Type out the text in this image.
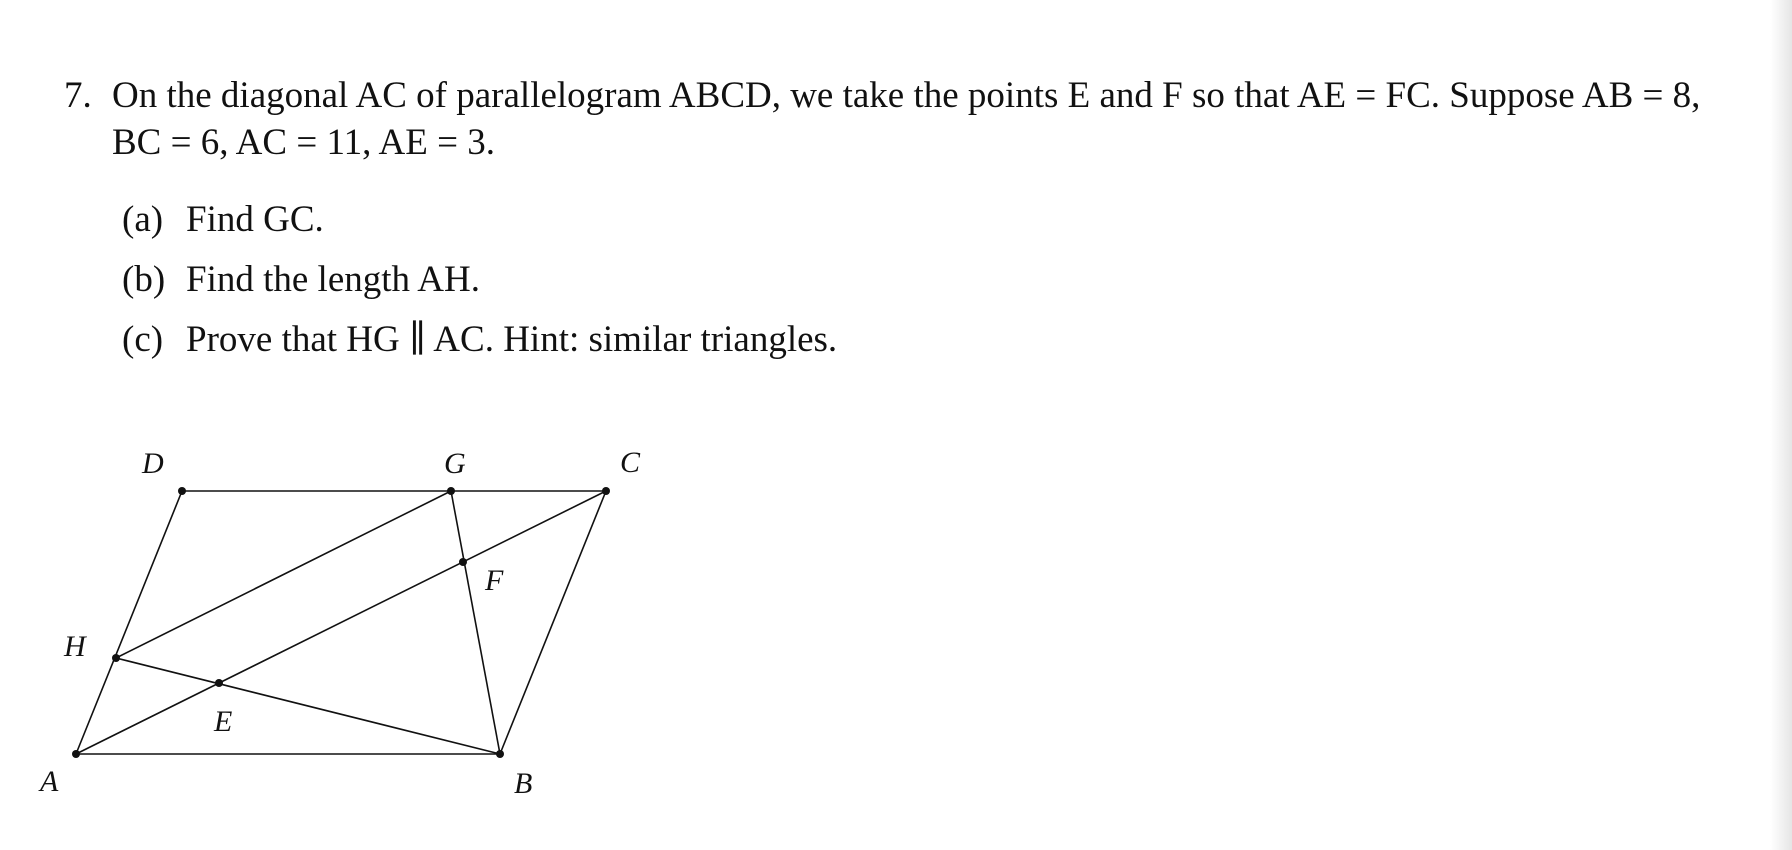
7. On the diagonal AC of parallelogram ABCD, we take the points E and F so that AE = FC. Suppose AB = 8,
BC = 6, AC = 11, AE = 3.
(a) Find GC.
(b) Find the length AH.
(c) Prove that HG ∥ AC. Hint: similar triangles.
A	B
C
D
E
F
G
H
